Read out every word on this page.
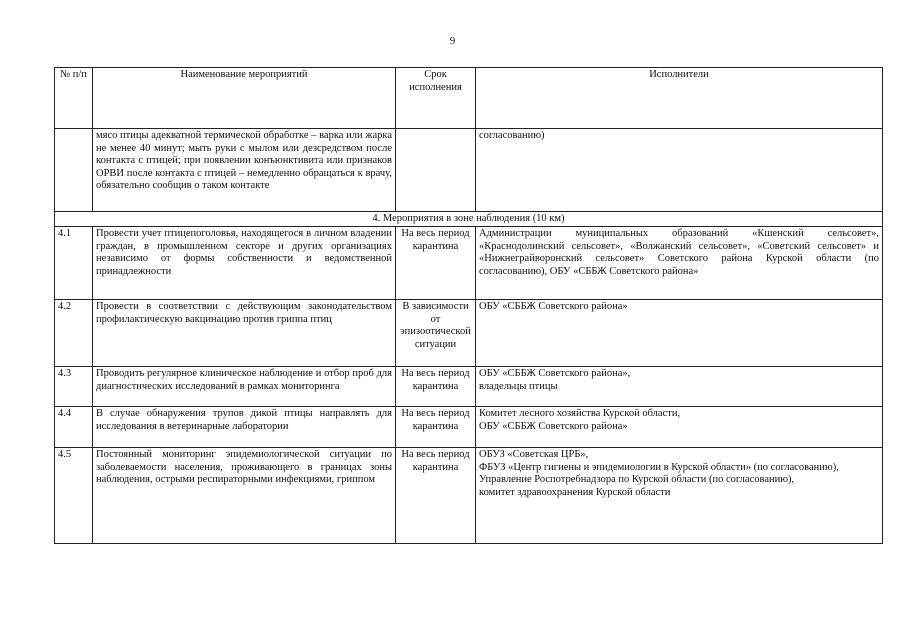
9
№ п/п	Наименование мероприятий	Срок исполнения	Исполнители
	мясо птицы адекватной термической обработке – варка или жарка не менее 40 минут; мыть руки с мылом или дезсредством после контакта с птицей; при появлении конъюнктивита или признаков ОРВИ после контакта с птицей – немедленно обращаться к врачу, обязательно сообщив о таком контакте		согласованию)

4. Мероприятия в зоне наблюдения (10 км)			
4.1	Провести учет птицепоголовья, находящегося в личном владении граждан, в промышленном секторе и других организациях независимо от формы собственности и ведомственной принадлежности	На весь период карантина	Администрации муниципальных образований «Кшенский сельсовет», «Краснодолинский сельсовет», «Волжанский сельсовет», «Советский сельсовет» и «Нижнеграйворонский сельсовет» Советского района Курской области (по согласованию), ОБУ «СББЖ Советского района»

4.2	Провести в соответствии с действующим законодательством профилактическую вакцинацию против гриппа птиц	В зависимости от эпизоотической ситуации	ОБУ «СББЖ Советского района»

4.3	Проводить регулярное клиническое наблюдение и отбор проб для диагностических исследований в рамках мониторинга	На весь период карантина	ОБУ «СББЖ Советского района»,
владельцы птицы

4.4	В случае обнаружения трупов дикой птицы направлять для исследования в ветеринарные лаборатории	На весь период карантина	Комитет лесного хозяйства Курской области,
ОБУ «СББЖ Советского района»

4.5	Постоянный мониторинг эпидемиологической ситуации по заболеваемости населения, проживающего в границах зоны наблюдения, острыми респираторными инфекциями, гриппом	На весь период карантина	ОБУЗ «Советская ЦРБ»,
ФБУЗ «Центр гигиены и эпидемиологии в Курской области» (по согласованию),
Управление Роспотребнадзора по Курской области (по согласованию),
комитет здравоохранения Курской области
